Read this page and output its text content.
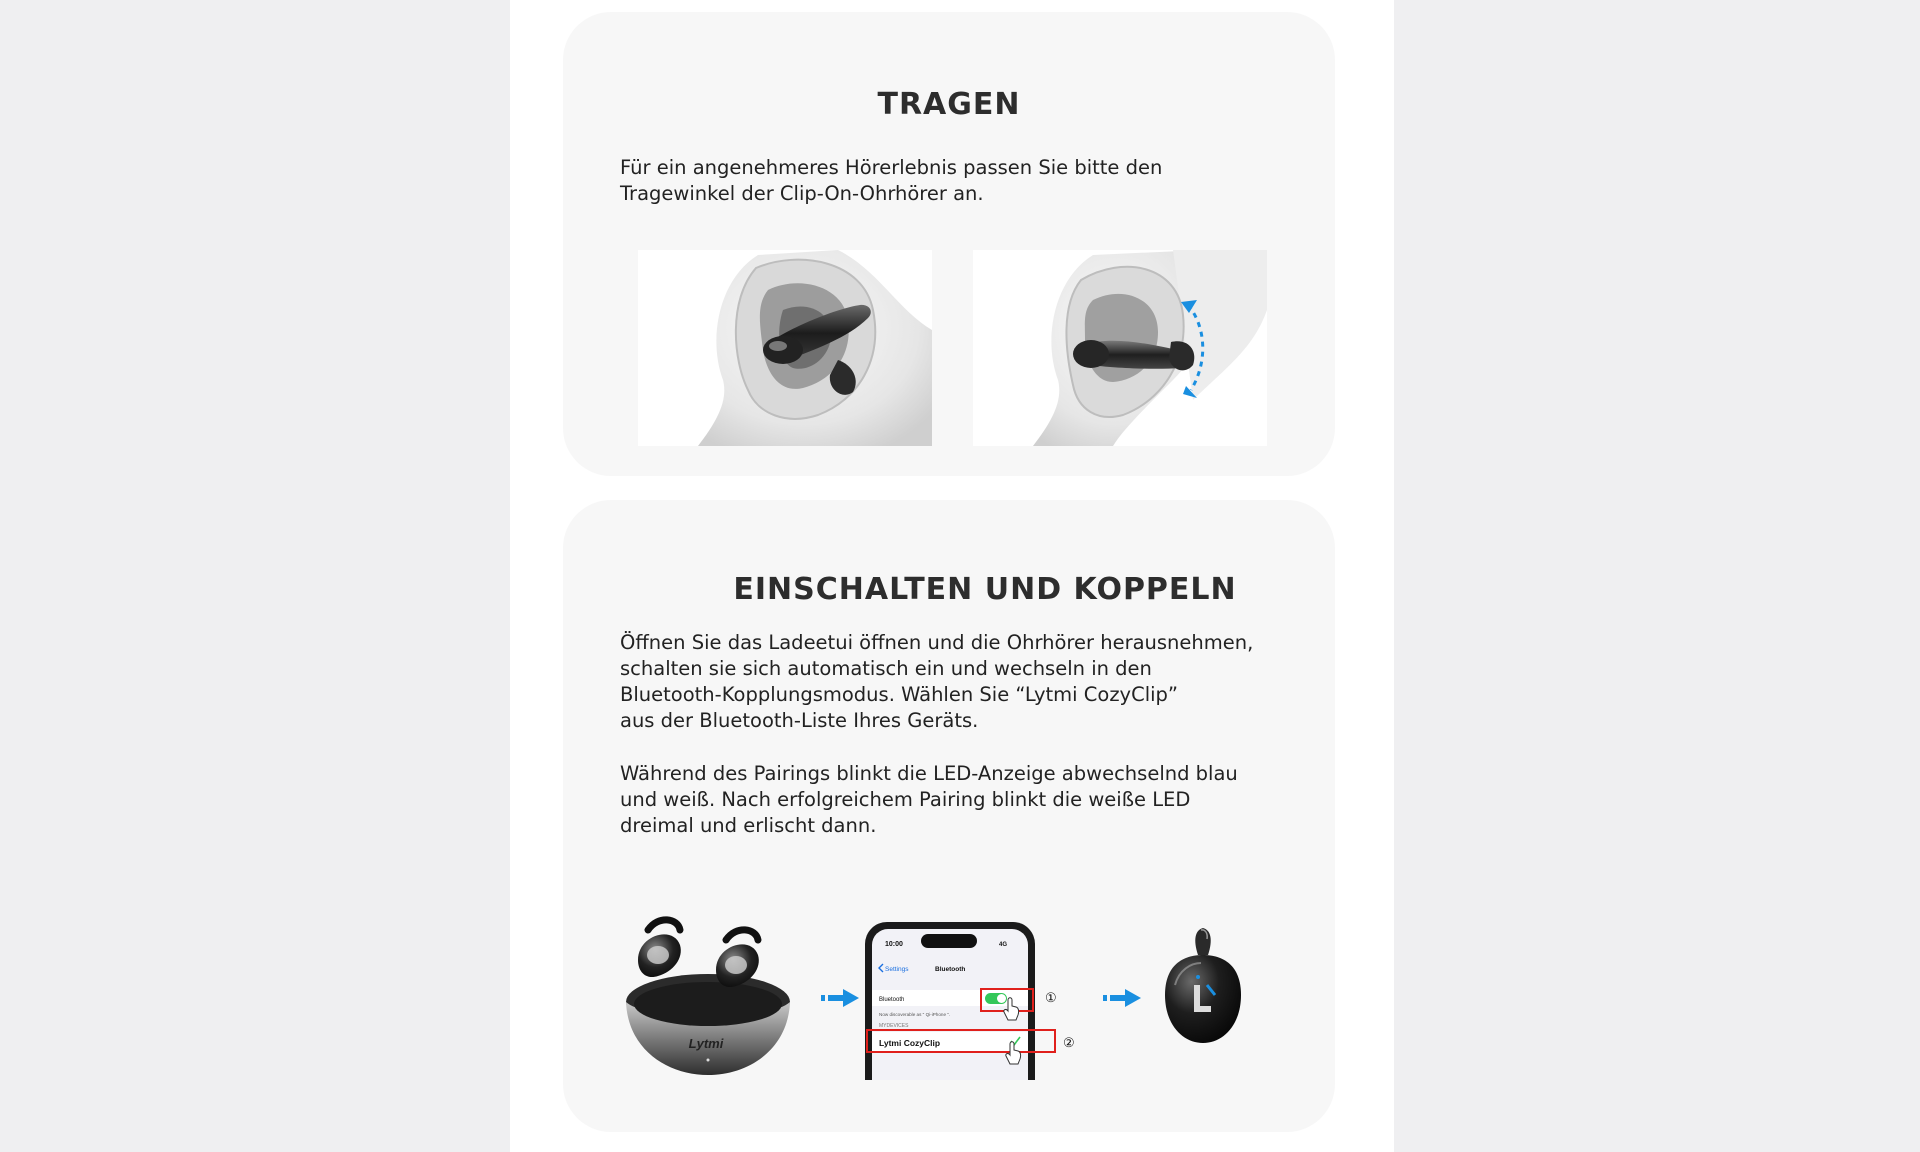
TRAGEN
Für ein angenehmeres Hörerlebnis passen Sie bitte den
Tragewinkel der Clip-On-Ohrhörer an.
EINSCHALTEN UND KOPPELN
Öffnen Sie das Ladeetui öffnen und die Ohrhörer herausnehmen,
schalten sie sich automatisch ein und wechseln in den
Bluetooth-Kopplungsmodus. Wählen Sie “Lytmi CozyClip”
aus der Bluetooth-Liste Ihres Geräts.
Während des Pairings blinkt die LED-Anzeige abwechselnd blau
und weiß. Nach erfolgreichem Pairing blinkt die weiße LED
dreimal und erlischt dann.
Lytmi
10:00	4G
Settings	Bluetooth
Bluetooth
Now discoverable as " Qi-iPhone ".
MYDEVICES
Lytmi CozyClip
①
②
